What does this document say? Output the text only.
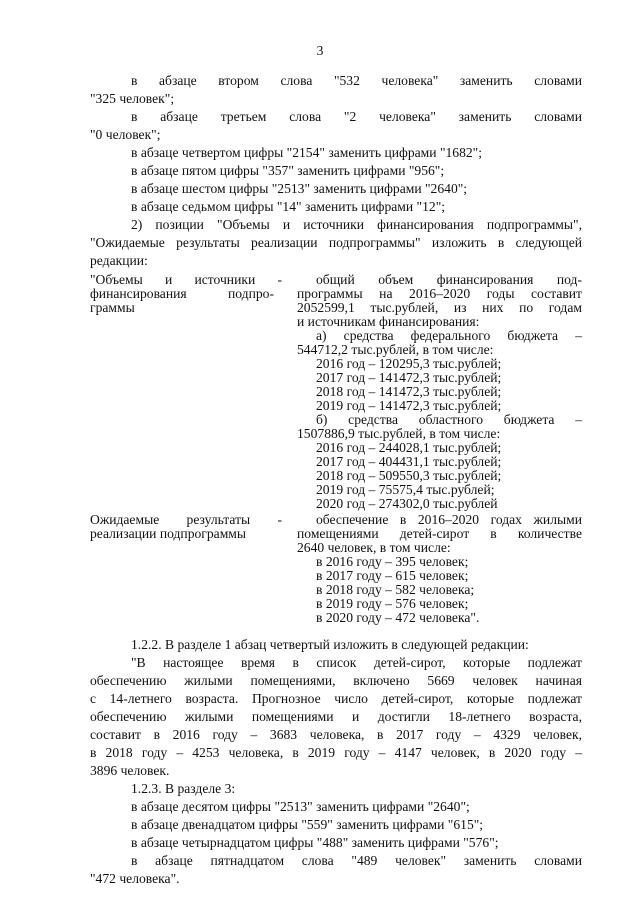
3
в абзаце втором слова "532 человека" заменить словами
"325 человек";
в абзаце третьем слова "2 человека" заменить словами
"0 человек";
в абзаце четвертом цифры "2154" заменить цифрами "1682";
в абзаце пятом цифры "357" заменить цифрами "956";
в абзаце шестом цифры "2513" заменить цифрами "2640";
в абзаце седьмом цифры "14" заменить цифрами "12";
2) позиции "Объемы и источники финансирования подпрограммы",
"Ожидаемые результаты реализации подпрограммы" изложить в следующей
редакции:
"Объемы и источники -
финансирования подпро-
граммы
общий объем финансирования под-
программы на 2016–2020 годы составит
2052599,1 тыс.рублей, из них по годам
и источникам финансирования:
а) средства федерального бюджета –
544712,2 тыс.рублей, в том числе:
2016 год – 120295,3 тыс.рублей;
2017 год – 141472,3 тыс.рублей;
2018 год – 141472,3 тыс.рублей;
2019 год – 141472,3 тыс.рублей;
б) средства областного бюджета –
1507886,9 тыс.рублей, в том числе:
2016 год – 244028,1 тыс.рублей;
2017 год – 404431,1 тыс.рублей;
2018 год – 509550,3 тыс.рублей;
2019 год – 75575,4 тыс.рублей;
2020 год – 274302,0 тыс.рублей
Ожидаемые результаты -
реализации подпрограммы
обеспечение в 2016–2020 годах жилыми
помещениями детей-сирот в количестве
2640 человек, в том числе:
в 2016 году – 395 человек;
в 2017 году – 615 человек;
в 2018 году – 582 человека;
в 2019 году – 576 человек;
в 2020 году – 472 человека".
1.2.2. В разделе 1 абзац четвертый изложить в следующей редакции:
"В настоящее время в список детей-сирот, которые подлежат
обеспечению жилыми помещениями, включено 5669 человек начиная
с 14-летнего возраста. Прогнозное число детей-сирот, которые подлежат
обеспечению жилыми помещениями и достигли 18-летнего возраста,
составит в 2016 году – 3683 человека, в 2017 году – 4329 человек,
в 2018 году – 4253 человека, в 2019 году – 4147 человек, в 2020 году –
3896 человек.
1.2.3. В разделе 3:
в абзаце десятом цифры "2513" заменить цифрами "2640";
в абзаце двенадцатом цифры "559" заменить цифрами "615";
в абзаце четырнадцатом цифры "488" заменить цифрами "576";
в абзаце пятнадцатом слова "489 человек" заменить словами
"472 человека".
